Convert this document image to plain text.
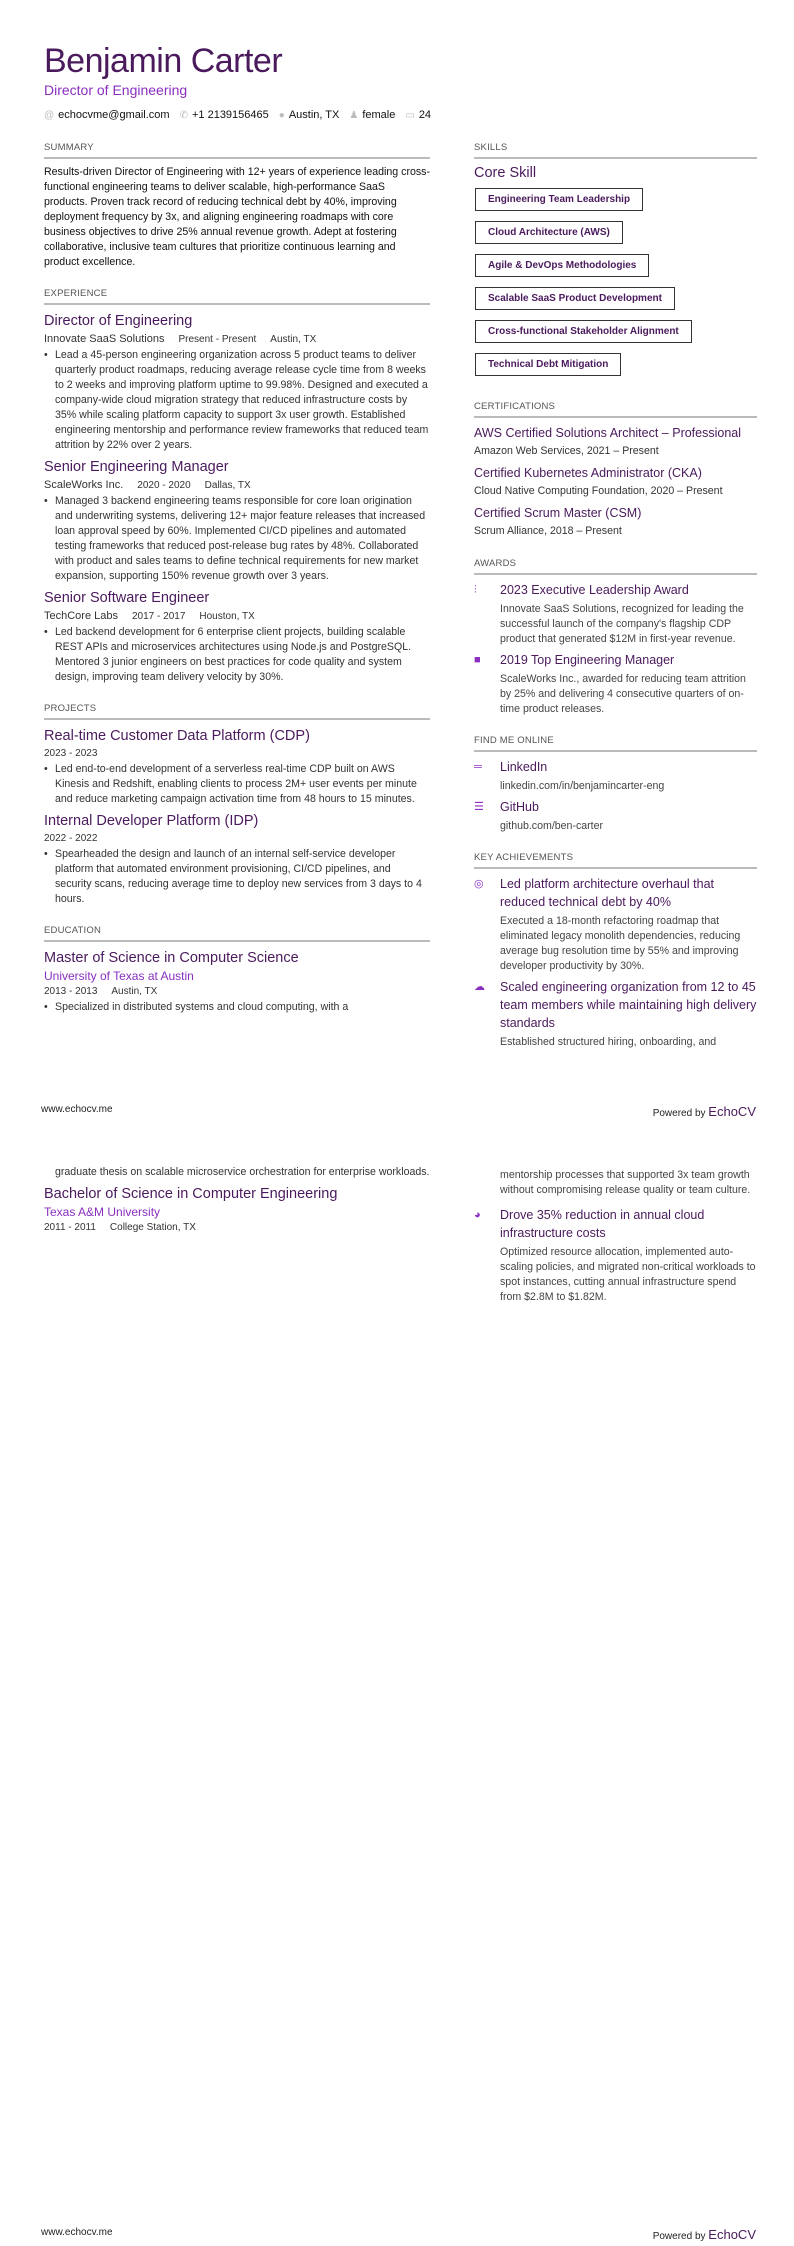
Benjamin Carter
Director of Engineering
@ echocvme@gmail.com ✆ +1 2139156465 ● Austin, TX ♟ female ▭ 24
SUMMARY

Results-driven Director of Engineering with 12+ years of experience leading cross-functional engineering teams to deliver scalable, high-performance SaaS products. Proven track record of reducing technical debt by 40%, improving deployment frequency by 3x, and aligning engineering roadmaps with core business objectives to drive 25% annual revenue growth. Adept at fostering collaborative, inclusive team cultures that prioritize continuous learning and product excellence.

EXPERIENCE
Director of Engineering
Innovate SaaS Solutions Present - Present Austin, TX
• Lead a 45-person engineering organization across 5 product teams to deliver quarterly product roadmaps, reducing average release cycle time from 8 weeks to 2 weeks and improving platform uptime to 99.98%. Designed and executed a company-wide cloud migration strategy that reduced infrastructure costs by 35% while scaling platform capacity to support 3x user growth. Established engineering mentorship and performance review frameworks that reduced team attrition by 22% over 2 years.
Senior Engineering Manager
ScaleWorks Inc. 2020 - 2020 Dallas, TX
• Managed 3 backend engineering teams responsible for core loan origination and underwriting systems, delivering 12+ major feature releases that increased loan approval speed by 60%. Implemented CI/CD pipelines and automated testing frameworks that reduced post-release bug rates by 48%. Collaborated with product and sales teams to define technical requirements for new market expansion, supporting 150% revenue growth over 3 years.
Senior Software Engineer
TechCore Labs 2017 - 2017 Houston, TX
• Led backend development for 6 enterprise client projects, building scalable REST APIs and microservices architectures using Node.js and PostgreSQL. Mentored 3 junior engineers on best practices for code quality and system design, improving team delivery velocity by 30%.
PROJECTS
Real-time Customer Data Platform (CDP)
2023 - 2023
• Led end-to-end development of a serverless real-time CDP built on AWS Kinesis and Redshift, enabling clients to process 2M+ user events per minute and reduce marketing campaign activation time from 48 hours to 15 minutes.
Internal Developer Platform (IDP)
2022 - 2022
• Spearheaded the design and launch of an internal self-service developer platform that automated environment provisioning, CI/CD pipelines, and security scans, reducing average time to deploy new services from 3 days to 4 hours.
EDUCATION
Master of Science in Computer Science
University of Texas at Austin
2013 - 2013 Austin, TX
• Specialized in distributed systems and cloud computing, with a
SKILLS
Core Skill
Engineering Team Leadership
Cloud Architecture (AWS)
Agile & DevOps Methodologies
Scalable SaaS Product Development
Cross-functional Stakeholder Alignment
Technical Debt Mitigation
CERTIFICATIONS
AWS Certified Solutions Architect – Professional
Amazon Web Services, 2021 – Present
Certified Kubernetes Administrator (CKA)
Cloud Native Computing Foundation, 2020 – Present
Certified Scrum Master (CSM)
Scrum Alliance, 2018 – Present
AWARDS
⫶	2023 Executive Leadership Award
Innovate SaaS Solutions, recognized for leading the successful launch of the company's flagship CDP product that generated $12M in first-year revenue.
■	2019 Top Engineering Manager
ScaleWorks Inc., awarded for reducing team attrition by 25% and delivering 4 consecutive quarters of on-time product releases.
FIND ME ONLINE
═	LinkedIn
linkedin.com/in/benjamincarter-eng
☰	GitHub
github.com/ben-carter
KEY ACHIEVEMENTS
◎	Led platform architecture overhaul that reduced technical debt by 40%
Executed a 18-month refactoring roadmap that eliminated legacy monolith dependencies, reducing average bug resolution time by 55% and improving developer productivity by 30%.
☁	Scaled engineering organization from 12 to 45 team members while maintaining high delivery standards
Established structured hiring, onboarding, and
www.echocv.me	Powered by EchoCV

graduate thesis on scalable microservice orchestration for enterprise workloads.

Bachelor of Science in Computer Engineering
Texas A&M University
2011 - 2011 College Station, TX
mentorship processes that supported 3x team growth without compromising release quality or team culture.
◕	Drove 35% reduction in annual cloud infrastructure costs
Optimized resource allocation, implemented auto-scaling policies, and migrated non-critical workloads to spot instances, cutting annual infrastructure spend from $2.8M to $1.82M.
www.echocv.me	Powered by EchoCV
